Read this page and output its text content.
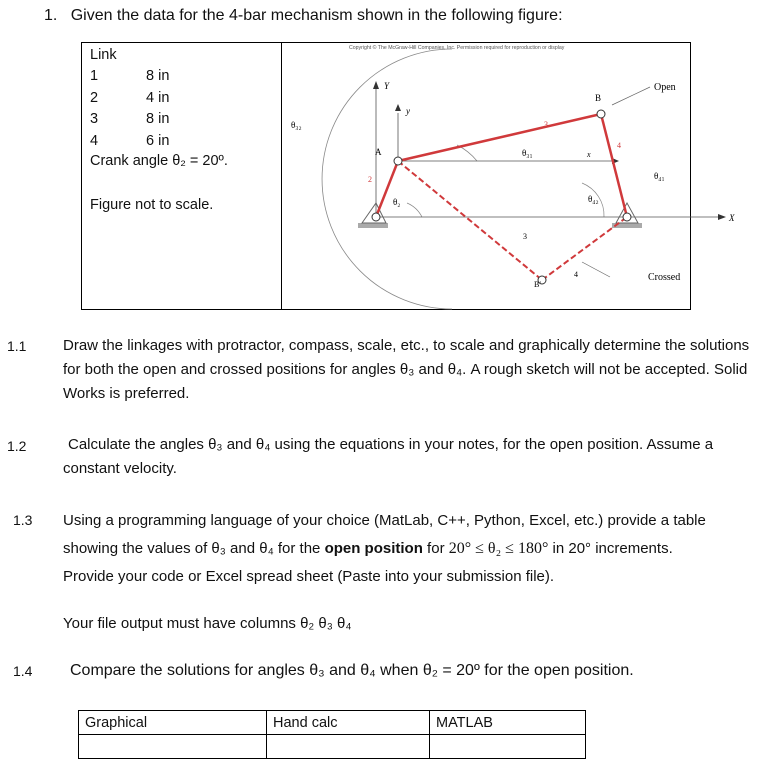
1. Given the data for the 4-bar mechanism shown in the following figure:
Link
1	8 in
2	4 in
3	8 in
4	6 in
Crank angle θ₂ = 20º.
Figure not to scale.
Copyright © The McGraw-Hill Companies, Inc. Permission required for reproduction or display
Open
Crossed
Y
y
X
x
A
B
B′
2
3
3
4
4
θ₂
θ₃₁
θ₃₂
θ₄₁
θ₄₂
1.1 Draw the linkages with protractor, compass, scale, etc., to scale and graphically determine the solutions for both the open and crossed positions for angles θ₃ and θ₄. A rough sketch will not be accepted. Solid Works is preferred.
1.2	Calculate the angles θ₃ and θ₄ using the equations in your notes, for the open position. Assume a constant velocity.
1.3 Using a programming language of your choice (MatLab, C++, Python, Excel, etc.) provide a table showing the values of θ₃ and θ₄ for the open position for 20° ≤ θ₂ ≤ 180° in 20° increments.
Provide your code or Excel spread sheet (Paste into your submission file).
Your file output must have columns θ₂ θ₃ θ₄
1.4 Compare the solutions for angles θ₃ and θ₄ when θ₂ = 20º for the open position.
Graphical	Hand calc	MATLAB
